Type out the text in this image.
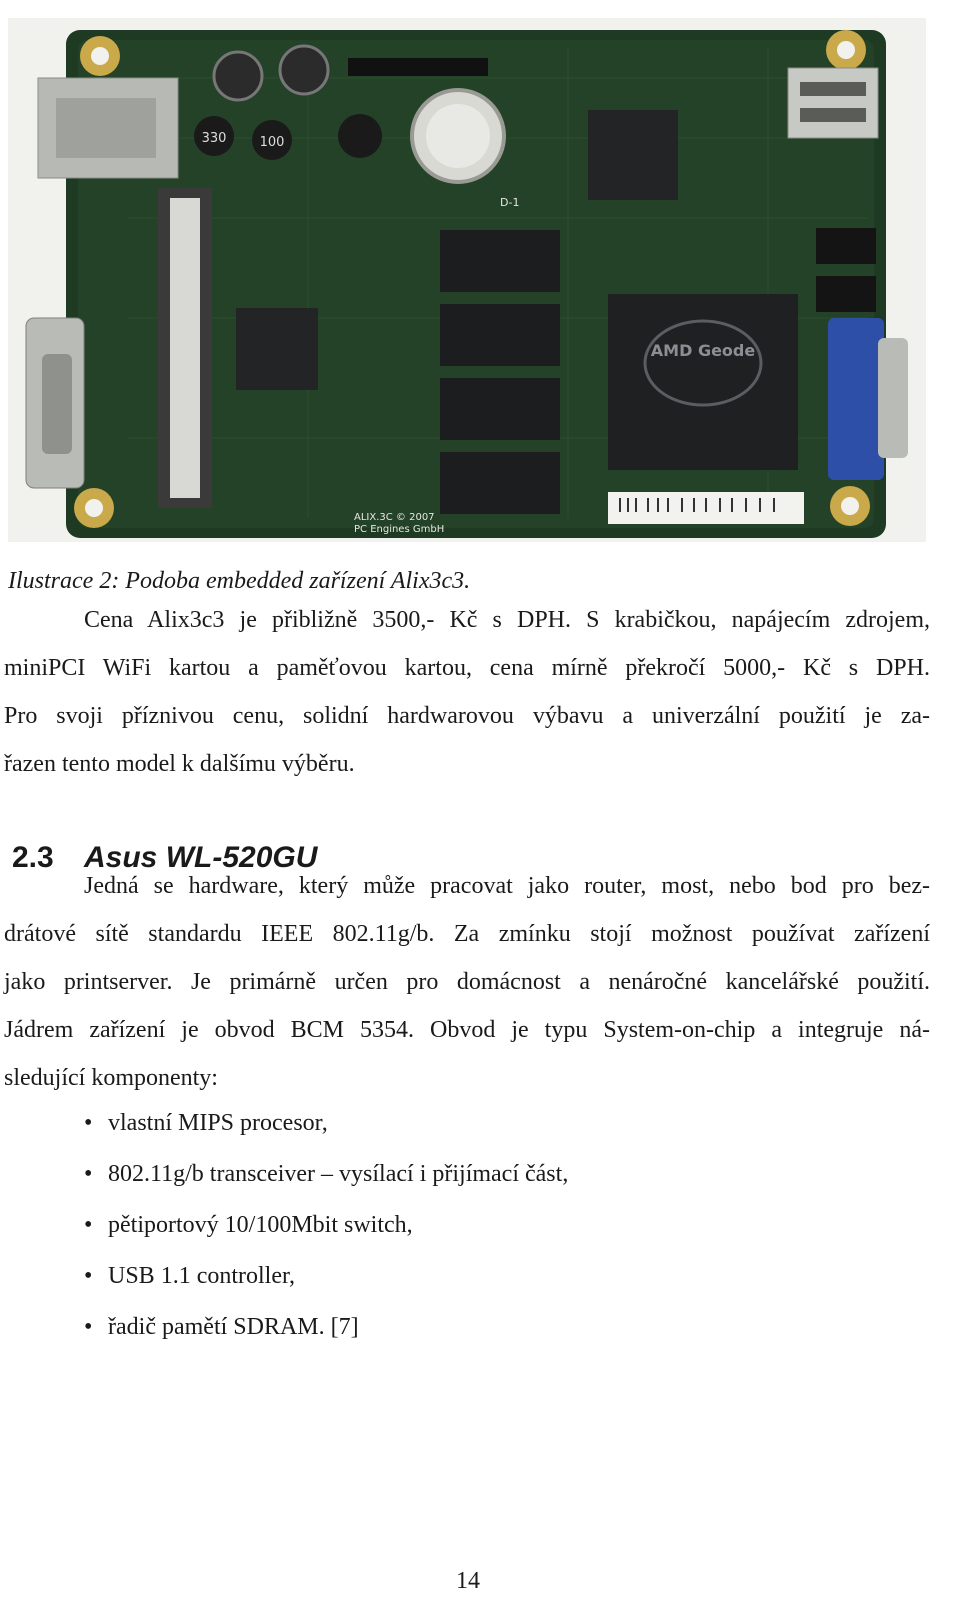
330	100
D-1
AMD Geode
ALIX.3C © 2007
PC Engines GmbH
Ilustrace 2: Podoba embedded zařízení Alix3c3.
Cena Alix3c3 je přibližně 3500,- Kč s DPH. S krabičkou, napájecím zdrojem,
miniPCI WiFi kartou a paměťovou kartou, cena mírně překročí 5000,- Kč s DPH.
Pro svoji příznivou cenu, solidní hardwarovou výbavu a univerzální použití je za-
řazen tento model k dalšímu výběru.
2.3 Asus WL-520GU
Jedná se hardware, který může pracovat jako router, most, nebo bod pro bez-
drátové sítě standardu IEEE 802.11g/b. Za zmínku stojí možnost používat zařízení
jako printserver. Je primárně určen pro domácnost a nenáročné kancelářské použití.
Jádrem zařízení je obvod BCM 5354. Obvod je typu System-on-chip a integruje ná-
sledující komponenty:
• vlastní MIPS procesor,
• 802.11g/b transceiver – vysílací i přijímací část,
• pětiportový 10/100Mbit switch,
• USB 1.1 controller,
• řadič pamětí SDRAM. [7]
14
